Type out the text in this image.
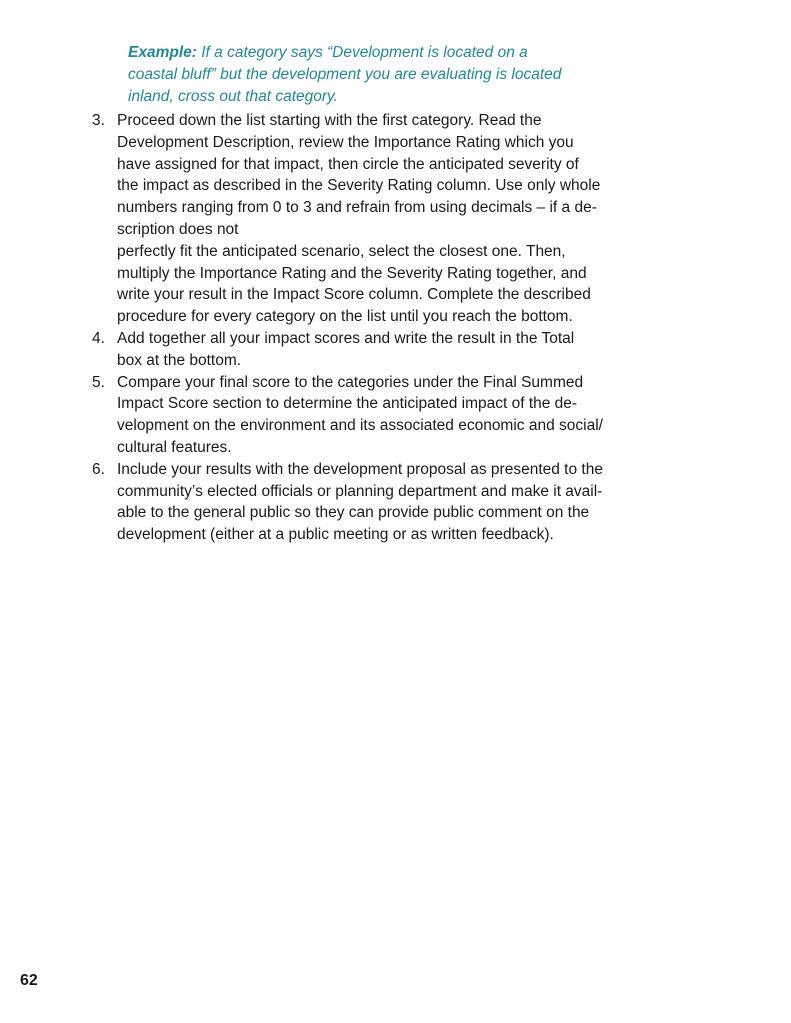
Example: If a category says “Development is located on a
coastal bluff” but the development you are evaluating is located
inland, cross out that category.
3. Proceed down the list starting with the first category. Read the
Development Description, review the Importance Rating which you
have assigned for that impact, then circle the anticipated severity of
the impact as described in the Severity Rating column. Use only whole
numbers ranging from 0 to 3 and refrain from using decimals – if a de-
scription does not
perfectly fit the anticipated scenario, select the closest one. Then,
multiply the Importance Rating and the Severity Rating together, and
write your result in the Impact Score column. Complete the described
procedure for every category on the list until you reach the bottom.
4. Add together all your impact scores and write the result in the Total
box at the bottom.
5. Compare your final score to the categories under the Final Summed
Impact Score section to determine the anticipated impact of the de-
velopment on the environment and its associated economic and social/
cultural features.
6. Include your results with the development proposal as presented to the
community’s elected officials or planning department and make it avail-
able to the general public so they can provide public comment on the
development (either at a public meeting or as written feedback).
62
